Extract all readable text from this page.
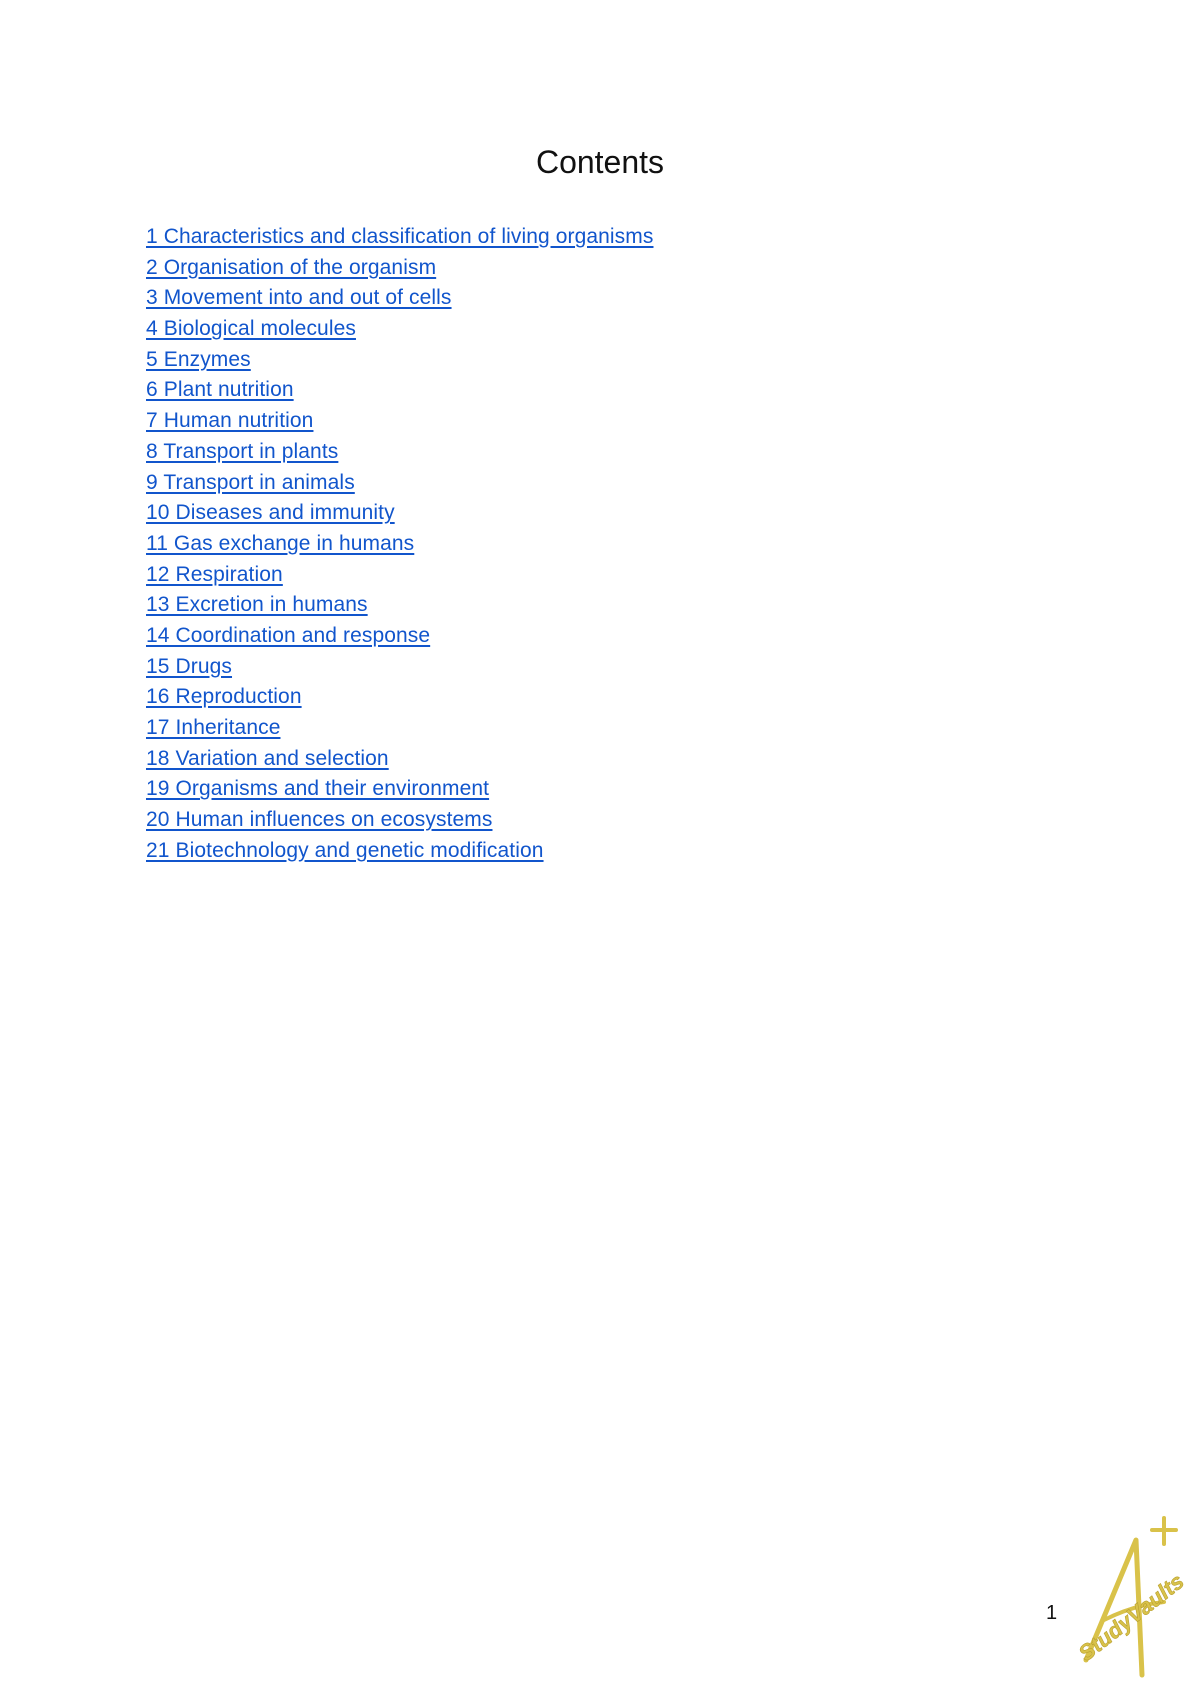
Contents
1 Characteristics and classification of living organisms
2 Organisation of the organism
3 Movement into and out of cells
4 Biological molecules
5 Enzymes
6 Plant nutrition
7 Human nutrition
8 Transport in plants
9 Transport in animals
10 Diseases and immunity
11 Gas exchange in humans
12 Respiration
13 Excretion in humans
14 Coordination and response
15 Drugs
16 Reproduction
17 Inheritance
18 Variation and selection
19 Organisms and their environment
20 Human influences on ecosystems
21 Biotechnology and genetic modification
1 StudyVaults
